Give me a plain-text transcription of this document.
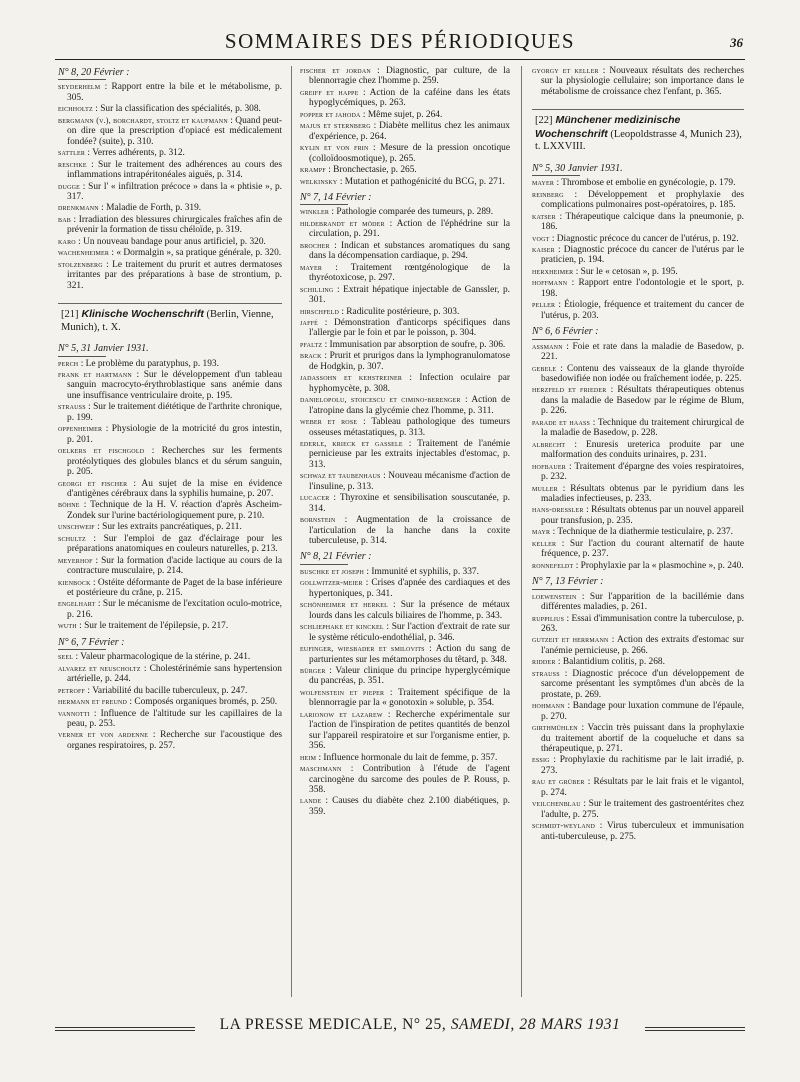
SOMMAIRES DES PÉRIODIQUES	36
N° 8, 20 Février :
seyderhelm : Rapport entre la bile et le métabolisme, p. 305.
eichholtz : Sur la classification des spécialités, p. 308.
bergmann (v.), borchardt, stoltz et kaufmann : Quand peut-on dire que la prescription d'opiacé est médicalement fondée? (suite), p. 310.
sattler : Verres adhérents, p. 312.
reschke : Sur le traitement des adhérences au cours des inflammations intrapéritonéales aiguës, p. 314.
dugge : Sur l' « infiltration précoce » dans la « phtisie », p. 317.
drenkmann : Maladie de Forth, p. 319.
bab : Irradiation des blessures chirurgicales fraîches afin de prévenir la formation de tissu chéloïde, p. 319.
karo : Un nouveau bandage pour anus artificiel, p. 320.
wachenheimer : « Dormalgin », sa pratique générale, p. 320.
stolzenberg : Le traitement du prurit et autres dermatoses irritantes par des préparations à base de strontium, p. 321.
[21] Klinische Wochenschrift (Berlin, Vienne, Munich), t. X.
N° 5, 31 Janvier 1931.
perch : Le problème du paratyphus, p. 193.
frank et hartmann : Sur le développement d'un tableau sanguin macrocyto-érythroblastique sans anémie dans une insuffisance ventriculaire droite, p. 195.
strauss : Sur le traitement diététique de l'arthrite chronique, p. 199.
oppenheimer : Physiologie de la motricité du gros intestin, p. 201.
oelkers et fischgold : Recherches sur les ferments protéolytiques des globules blancs et du sérum sanguin, p. 205.
georgi et fischer : Au sujet de la mise en évidence d'antigènes cérébraux dans la syphilis humaine, p. 207.
böhne : Technique de la H. V. réaction d'après Ascheim-Zondek sur l'urine bactériologiquement pure, p. 210.
unschweif : Sur les extraits pancréatiques, p. 211.
schultz : Sur l'emploi de gaz d'éclairage pour les préparations anatomiques en couleurs naturelles, p. 213.
meyerhof : Sur la formation d'acide lactique au cours de la contracture musculaire, p. 214.
kienbock : Ostéite déformante de Paget de la base inférieure et postérieure du crâne, p. 215.
engelhart : Sur le mécanisme de l'excitation oculo-motrice, p. 216.
wuth : Sur le traitement de l'épilepsie, p. 217.
N° 6, 7 Février :
seel : Valeur pharmacologique de la stérine, p. 241.
alvarez et neuscholtz : Cholestérinémie sans hypertension artérielle, p. 244.
petroff : Variabilité du bacille tuberculeux, p. 247.
hermann et freund : Composés organiques bromés, p. 250.
vannotti : Influence de l'altitude sur les capillaires de la peau, p. 253.
verner et von ardenne : Recherche sur l'acoustique des organes respiratoires, p. 257.
fischer et jordan : Diagnostic, par culture, de la blennorragie chez l'homme p. 259.
greiff et happe : Action de la caféine dans les états hypoglycémiques, p. 263.
popper et jahoda : Même sujet, p. 264.
majus et sternberg : Diabète mellitus chez les animaux d'expérience, p. 264.
kylin et von frin : Mesure de la pression oncotique (colloïdoosmotique), p. 265.
krampf : Bronchectasie, p. 265.
welkinsky : Mutation et pathogénicité du BCG, p. 271.
N° 7, 14 Février :
winkler : Pathologie comparée des tumeurs, p. 289.
hildebrandt et möder : Action de l'éphédrine sur la circulation, p. 291.
brocher : Indican et substances aromatiques du sang dans la décompensation cardiaque, p. 294.
mayer : Traitement rœntgénologique de la thyréotoxicose, p. 297.
schilling : Extrait hépatique injectable de Ganssler, p. 301.
hirschfeld : Radiculite postérieure, p. 303.
jaffé : Démonstration d'anticorps spécifiques dans l'allergie par le foin et par le poisson, p. 304.
pfaltz : Immunisation par absorption de soufre, p. 306.
brack : Prurit et prurigos dans la lymphogranulomatose de Hodgkin, p. 307.
jadassohn et kehstreiner : Infection oculaire par hyphomycète, p. 308.
danielopolu, stoicescu et cimino-berenger : Action de l'atropine dans la glycémie chez l'homme, p. 311.
weber et rose : Tableau pathologique des tumeurs osseuses métastatiques, p. 313.
ederle, krieck et gassele : Traitement de l'anémie pernicieuse par les extraits injectables d'estomac, p. 313.
schwaz et taubenhaus : Nouveau mécanisme d'action de l'insuline, p. 313.
lucacer : Thyroxine et sensibilisation souscutanée, p. 314.
bornstein : Augmentation de la croissance de l'articulation de la hanche dans la coxite tuberculeuse, p. 314.
N° 8, 21 Février :
buschke et joseph : Immunité et syphilis, p. 337.
gollwitzer-meier : Crises d'apnée des cardiaques et des hypertoniques, p. 341.
schönheimer et herkel : Sur la présence de métaux lourds dans les calculs biliaires de l'homme, p. 343.
schliephake et kinckel : Sur l'action d'extrait de rate sur le système réticulo-endothélial, p. 346.
eufinger, wiesbader et smilovits : Action du sang de parturientes sur les métamorphoses du têtard, p. 348.
bürger : Valeur clinique du principe hyperglycémique du pancréas, p. 351.
wolfenstein et pieper : Traitement spécifique de la blennorragie par la « gonotoxin » soluble, p. 354.
larionow et lazarew : Recherche expérimentale sur l'action de l'inspiration de petites quantités de benzol sur l'appareil respiratoire et sur l'organisme entier, p. 356.
heim : Influence hormonale du lait de femme, p. 357.
maschmann : Contribution à l'étude de l'agent carcinogène du sarcome des poules de P. Rouss, p. 358.
lande : Causes du diabète chez 2.100 diabétiques, p. 359.
gyorgy et keller : Nouveaux résultats des recherches sur la physiologie cellulaire; son importance dans le métabolisme de croissance chez l'enfant, p. 365.
[22] Münchener medizinische Wochenschrift (Leopoldstrasse 4, Munich 23), t. LXXVIII.
N° 5, 30 Janvier 1931.
mayer : Thrombose et embolie en gynécologie, p. 179.
reinberg : Développement et prophylaxie des complications pulmonaires post-opératoires, p. 185.
katser : Thérapeutique calcique dans la pneumonie, p. 186.
vogt : Diagnostic précoce du cancer de l'utérus, p. 192.
kaiser : Diagnostic précoce du cancer de l'utérus par le praticien, p. 194.
herxheimer : Sur le « cetosan », p. 195.
hoffmann : Rapport entre l'odontologie et le sport, p. 198.
peller : Étiologie, fréquence et traitement du cancer de l'utérus, p. 203.
N° 6, 6 Février :
assmann : Foie et rate dans la maladie de Basedow, p. 221.
gebele : Contenu des vaisseaux de la glande thyroïde basedowifiée non iodée ou fraîchement iodée, p. 225.
herzfeld et frieder : Résultats thérapeutiques obtenus dans la maladie de Basedow par le régime de Blum, p. 226.
parade et haass : Technique du traitement chirurgical de la maladie de Basedow, p. 228.
albrecht : Enuresis ureterica produite par une malformation des conduits urinaires, p. 231.
hofbauer : Traitement d'épargne des voies respiratoires, p. 232.
muller : Résultats obtenus par le pyridium dans les maladies infectieuses, p. 233.
hans-dressler : Résultats obtenus par un nouvel appareil pour transfusion, p. 235.
mayr : Technique de la diathermie testiculaire, p. 237.
keller : Sur l'action du courant alternatif de haute fréquence, p. 237.
ronnefeldt : Prophylaxie par la « plasmochine », p. 240.
N° 7, 13 Février :
loewenstein : Sur l'apparition de la bacillémie dans différentes maladies, p. 261.
ruppilius : Essai d'immunisation contre la tuberculose, p. 263.
gutzeit et herrmann : Action des extraits d'estomac sur l'anémie pernicieuse, p. 266.
ridder : Balantidium colitis, p. 268.
strauss : Diagnostic précoce d'un développement de sarcome présentant les symptômes d'un abcès de la prostate, p. 269.
hohmann : Bandage pour luxation commune de l'épaule, p. 270.
girthmühlen : Vaccin très puissant dans la prophylaxie du traitement abortif de la coqueluche et dans sa thérapeutique, p. 271.
essig : Prophylaxie du rachitisme par le lait irradié, p. 273.
rau et grüber : Résultats par le lait frais et le vigantol, p. 274.
veilchenblau : Sur le traitement des gastroentérites chez l'adulte, p. 275.
schmidt-weyland : Virus tuberculeux et immunisation anti-tuberculeuse, p. 275.
LA PRESSE MEDICALE, N° 25, SAMEDI, 28 MARS 1931
